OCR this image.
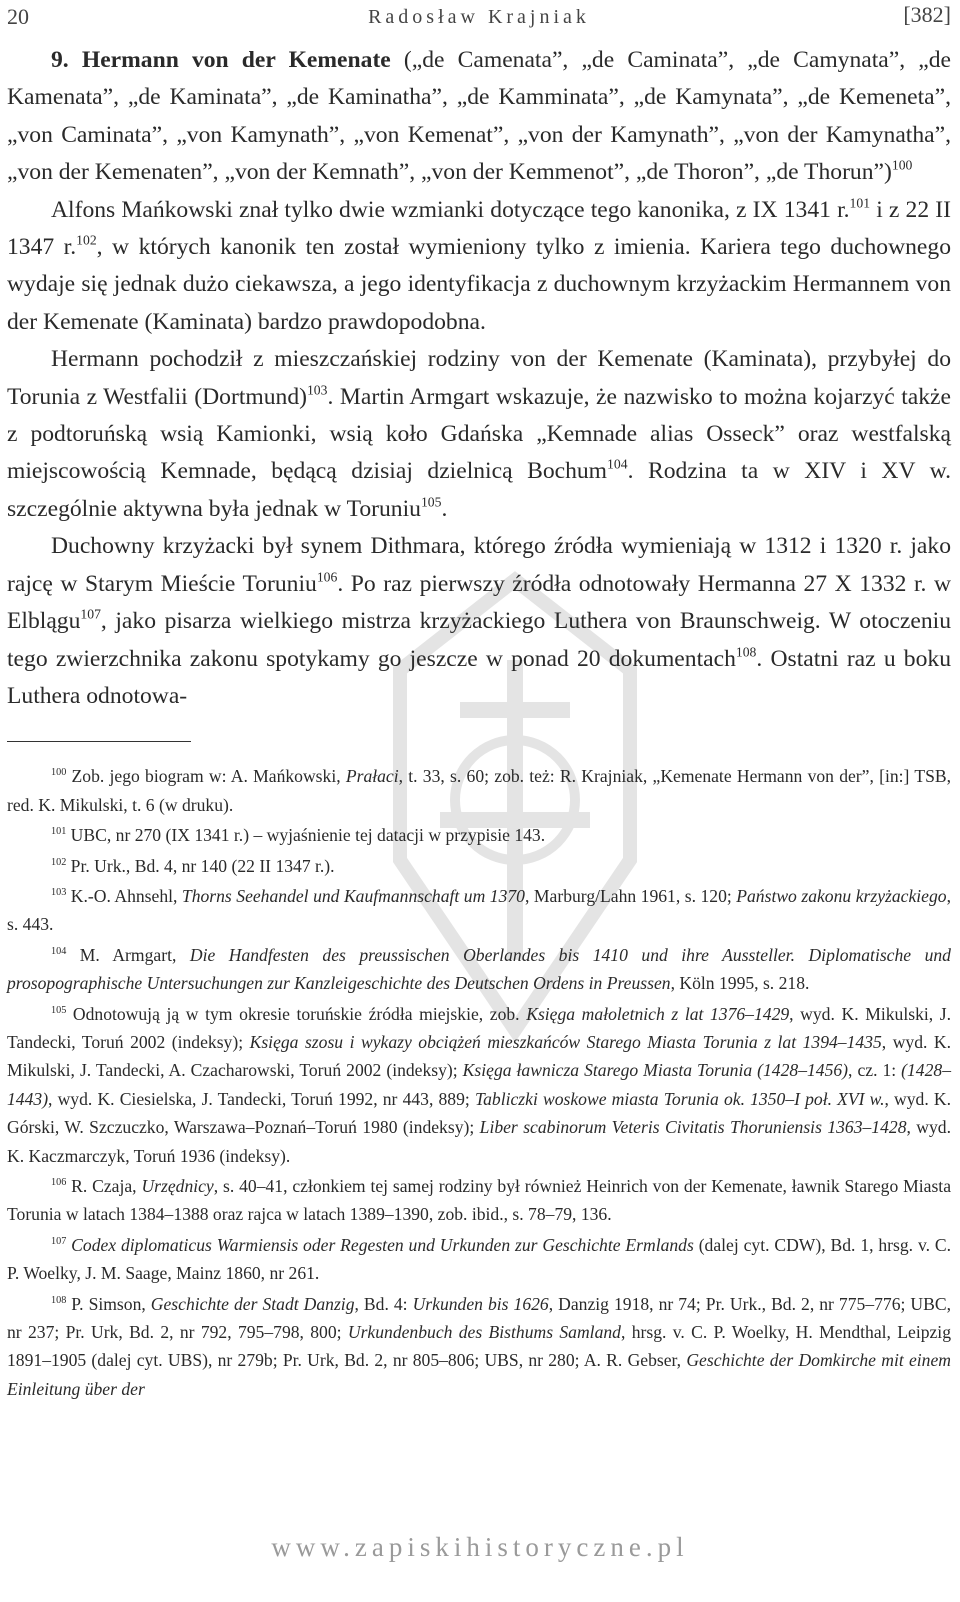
20	Radosław Krajniak	[382]

9. Hermann von der Kemenate („de Camenata”, „de Caminata”, „de Camynata”, „de Kamenata”, „de Kaminata”, „de Kaminatha”, „de Kamminata”, „de Kamynata”, „de Kemeneta”, „von Caminata”, „von Kamynath”, „von Kemenat”, „von der Kamynath”, „von der Kamynatha”, „von der Kemenaten”, „von der Kemnath”, „von der Kemmenot”, „de Thoron”, „de Thorun”)$^{100}$

Alfons Mańkowski znał tylko dwie wzmianki dotyczące tego kanonika, z IX 1341 r.$^{101}$ i z 22 II 1347 r.$^{102}$, w których kanonik ten został wymieniony tylko z imienia. Kariera tego duchownego wydaje się jednak dużo ciekawsza, a jego identyfikacja z duchownym krzyżackim Hermannem von der Kemenate (Kaminata) bardzo prawdopodobna.

Hermann pochodził z mieszczańskiej rodziny von der Kemenate (Kaminata), przybyłej do Torunia z Westfalii (Dortmund)$^{103}$. Martin Armgart wskazuje, że nazwisko to można kojarzyć także z podtoruńską wsią Kamionki, wsią koło Gdańska „Kemnade alias Osseck” oraz westfalską miejscowością Kemnade, będącą dzisiaj dzielnicą Bochum$^{104}$. Rodzina ta w XIV i XV w. szczególnie aktywna była jednak w Toruniu$^{105}$.

Duchowny krzyżacki był synem Dithmara, którego źródła wymieniają w 1312 i 1320 r. jako rajcę w Starym Mieście Toruniu$^{106}$. Po raz pierwszy źródła odnotowały Hermanna 27 X 1332 r. w Elblągu$^{107}$, jako pisarza wielkiego mistrza krzyżackiego Luthera von Braunschweig. W otoczeniu tego zwierzchnika zakonu spotykamy go jeszcze w ponad 20 dokumentach$^{108}$. Ostatni raz u boku Luthera odnotowa-

$^{100}$ Zob. jego biogram w: A. Mańkowski, Prałaci, t. 33, s. 60; zob. też: R. Krajniak, „Kemenate Hermann von der”, [in:] TSB, red. K. Mikulski, t. 6 (w druku).

$^{101}$ UBC, nr 270 (IX 1341 r.) – wyjaśnienie tej datacji w przypisie 143.

$^{102}$ Pr. Urk., Bd. 4, nr 140 (22 II 1347 r.).

$^{103}$ K.-O. Ahnsehl, Thorns Seehandel und Kaufmannschaft um 1370, Marburg/Lahn 1961, s. 120; Państwo zakonu krzyżackiego, s. 443.

$^{104}$ M. Armgart, Die Handfesten des preussischen Oberlandes bis 1410 und ihre Aussteller. Diplomatische und prosopographische Untersuchungen zur Kanzleigeschichte des Deutschen Ordens in Preussen, Köln 1995, s. 218.

$^{105}$ Odnotowują ją w tym okresie toruńskie źródła miejskie, zob. Księga małoletnich z lat 1376–1429, wyd. K. Mikulski, J. Tandecki, Toruń 2002 (indeksy); Księga szosu i wykazy obciążeń mieszkańców Starego Miasta Torunia z lat 1394–1435, wyd. K. Mikulski, J. Tandecki, A. Czacharowski, Toruń 2002 (indeksy); Księga ławnicza Starego Miasta Torunia (1428–1456), cz. 1: (1428–1443), wyd. K. Ciesielska, J. Tandecki, Toruń 1992, nr 443, 889; Tabliczki woskowe miasta Torunia ok. 1350–I poł. XVI w., wyd. K. Górski, W. Szczuczko, Warszawa–Poznań–Toruń 1980 (indeksy); Liber scabinorum Veteris Civitatis Thoruniensis 1363–1428, wyd. K. Kaczmarczyk, Toruń 1936 (indeksy).

$^{106}$ R. Czaja, Urzędnicy, s. 40–41, członkiem tej samej rodziny był również Heinrich von der Kemenate, ławnik Starego Miasta Torunia w latach 1384–1388 oraz rajca w latach 1389–1390, zob. ibid., s. 78–79, 136.

$^{107}$ Codex diplomaticus Warmiensis oder Regesten und Urkunden zur Geschichte Ermlands (dalej cyt. CDW), Bd. 1, hrsg. v. C. P. Woelky, J. M. Saage, Mainz 1860, nr 261.

$^{108}$ P. Simson, Geschichte der Stadt Danzig, Bd. 4: Urkunden bis 1626, Danzig 1918, nr 74; Pr. Urk., Bd. 2, nr 775–776; UBC, nr 237; Pr. Urk, Bd. 2, nr 792, 795–798, 800; Urkundenbuch des Bisthums Samland, hrsg. v. C. P. Woelky, H. Mendthal, Leipzig 1891–1905 (dalej cyt. UBS), nr 279b; Pr. Urk, Bd. 2, nr 805–806; UBS, nr 280; A. R. Gebser, Geschichte der Domkirche mit einem Einleitung über der

www.zapiskihistoryczne.pl
